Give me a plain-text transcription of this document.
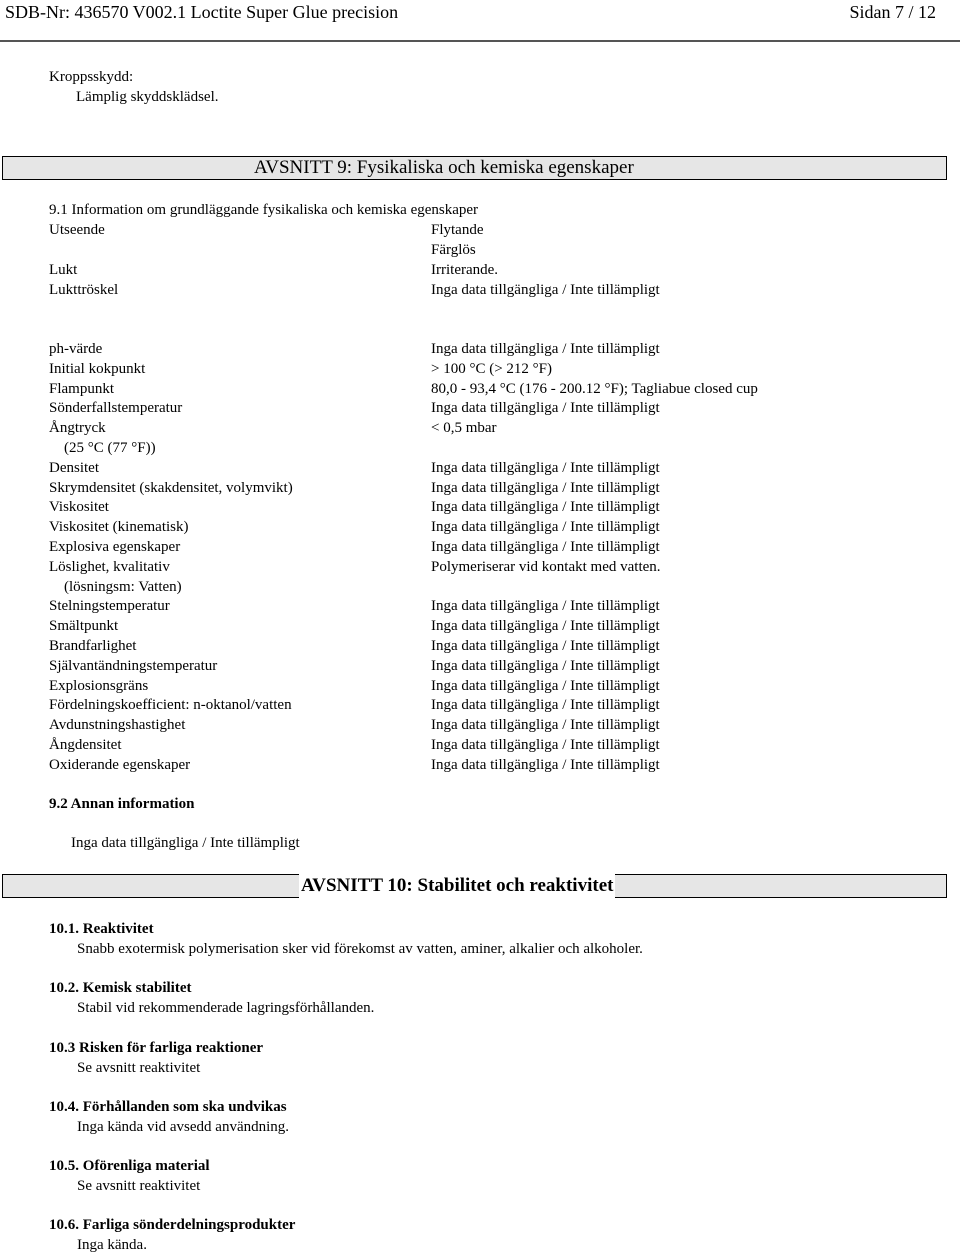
SDB-Nr: 436570 V002.1 Loctite Super Glue precision	Sidan 7 / 12
Kroppsskydd:
Lämplig skyddsklädsel.
AVSNITT 9: Fysikaliska och kemiska egenskaper
9.1 Information om grundläggande fysikaliska och kemiska egenskaper
Utseende	Flytande
Färglös
Lukt	Irriterande.
Lukttröskel	Inga data tillgängliga / Inte tillämpligt
ph-värde	Inga data tillgängliga / Inte tillämpligt
Initial kokpunkt	> 100 °C (> 212 °F)
Flampunkt	80,0 - 93,4 °C (176 - 200.12 °F); Tagliabue closed cup
Sönderfallstemperatur	Inga data tillgängliga / Inte tillämpligt
Ångtryck	< 0,5 mbar
(25 °C (77 °F))
Densitet	Inga data tillgängliga / Inte tillämpligt
Skrymdensitet (skakdensitet, volymvikt)	Inga data tillgängliga / Inte tillämpligt
Viskositet	Inga data tillgängliga / Inte tillämpligt
Viskositet (kinematisk)	Inga data tillgängliga / Inte tillämpligt
Explosiva egenskaper	Inga data tillgängliga / Inte tillämpligt
Löslighet, kvalitativ	Polymeriserar vid kontakt med vatten.
(lösningsm: Vatten)
Stelningstemperatur	Inga data tillgängliga / Inte tillämpligt
Smältpunkt	Inga data tillgängliga / Inte tillämpligt
Brandfarlighet	Inga data tillgängliga / Inte tillämpligt
Självantändningstemperatur	Inga data tillgängliga / Inte tillämpligt
Explosionsgräns	Inga data tillgängliga / Inte tillämpligt
Fördelningskoefficient: n-oktanol/vatten	Inga data tillgängliga / Inte tillämpligt
Avdunstningshastighet	Inga data tillgängliga / Inte tillämpligt
Ångdensitet	Inga data tillgängliga / Inte tillämpligt
Oxiderande egenskaper	Inga data tillgängliga / Inte tillämpligt
9.2 Annan information
Inga data tillgängliga / Inte tillämpligt
AVSNITT 10: Stabilitet och reaktivitet
10.1. Reaktivitet
Snabb exotermisk polymerisation sker vid förekomst av vatten, aminer, alkalier och alkoholer.
10.2. Kemisk stabilitet
Stabil vid rekommenderade lagringsförhållanden.
10.3 Risken för farliga reaktioner
Se avsnitt reaktivitet
10.4. Förhållanden som ska undvikas
Inga kända vid avsedd användning.
10.5. Oförenliga material
Se avsnitt reaktivitet
10.6. Farliga sönderdelningsprodukter
Inga kända.
